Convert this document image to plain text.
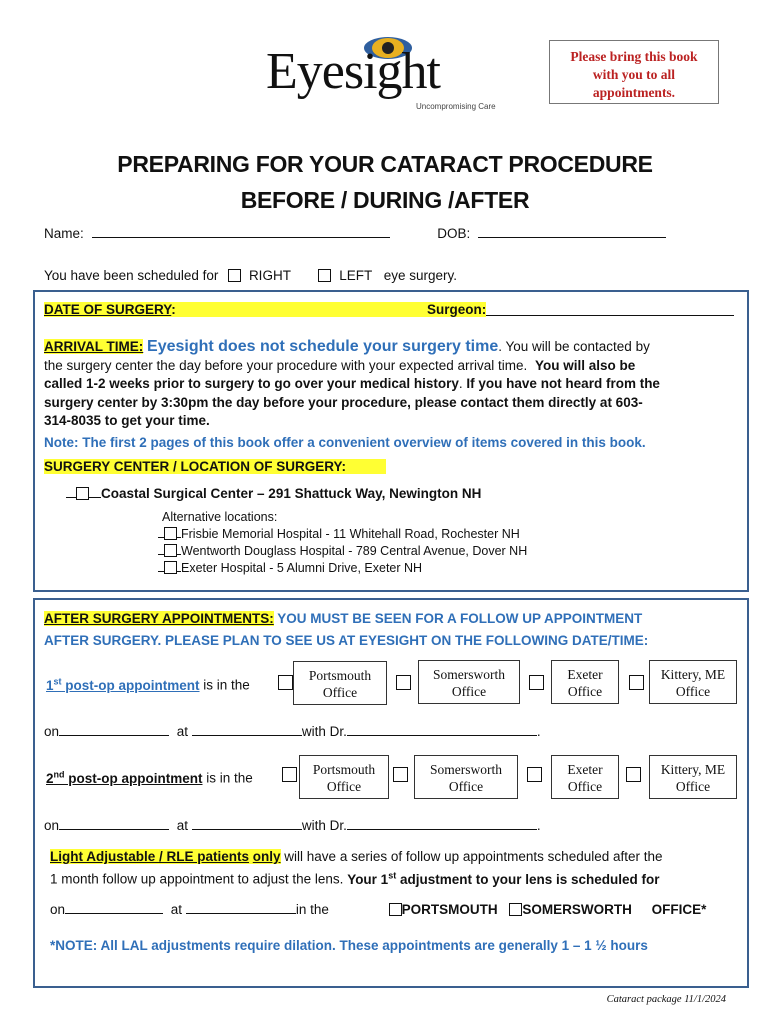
Eyesight
Uncompromising Care
Please bring this book with you to all appointments.
PREPARING FOR YOUR CATARACT PROCEDURE
BEFORE / DURING /AFTER
Name:	DOB:
You have been scheduled for RIGHT	LEFT eye surgery.
DATE OF SURGERY:	Surgeon:
ARRIVAL TIME: Eyesight does not schedule your surgery time. You will be contacted by
the surgery center the day before your procedure with your expected arrival time. You will also be
called 1-2 weeks prior to surgery to go over your medical history. If you have not heard from the
surgery center by 3:30pm the day before your procedure, please contact them directly at 603-
314-8035 to get your time.
Note: The first 2 pages of this book offer a convenient overview of items covered in this book.
SURGERY CENTER / LOCATION OF SURGERY:
Coastal Surgical Center – 291 Shattuck Way, Newington NH
Alternative locations:
Frisbie Memorial Hospital - 11 Whitehall Road, Rochester NH
Wentworth Douglass Hospital - 789 Central Avenue, Dover NH
Exeter Hospital - 5 Alumni Drive, Exeter NH
AFTER SURGERY APPOINTMENTS: YOU MUST BE SEEN FOR A FOLLOW UP APPOINTMENT
AFTER SURGERY. PLEASE PLAN TO SEE US AT EYESIGHT ON THE FOLLOWING DATE/TIME:
1st post-op appointment is in the
Portsmouth
Office
Somersworth
Office
Exeter
Office
Kittery, ME
Office
on	at	with Dr.	.
2nd post-op appointment is in the
Portsmouth
Office
Somersworth
Office
Exeter
Office
Kittery, ME
Office
on	at	with Dr.	.
Light Adjustable / RLE patients only will have a series of follow up appointments scheduled after the
1 month follow up appointment to adjust the lens. Your 1st adjustment to your lens is scheduled for
on	at	in the	PORTSMOUTH SOMERSWORTH OFFICE*
*NOTE: All LAL adjustments require dilation. These appointments are generally 1 – 1 ½ hours
Cataract package 11/1/2024
